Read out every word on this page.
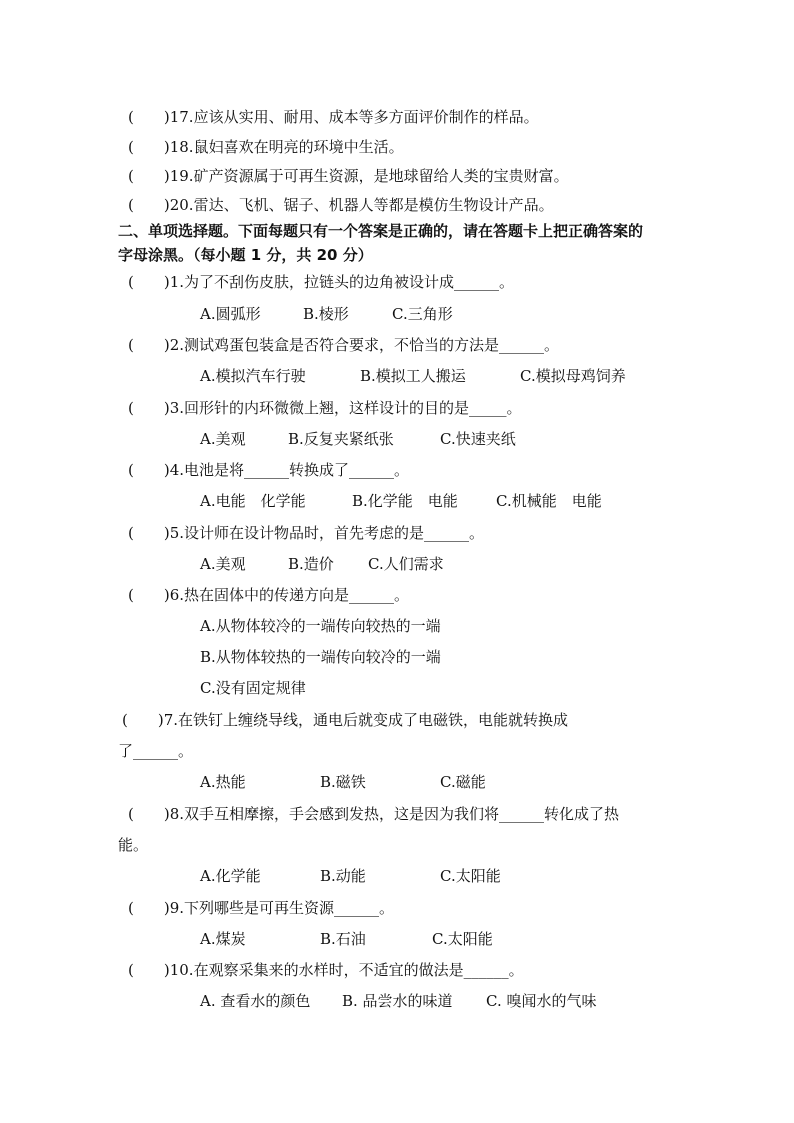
(　　)17.应该从实用、耐用、成本等多方面评价制作的样品。
(　　)18.鼠妇喜欢在明亮的环境中生活。
(　　)19.矿产资源属于可再生资源，是地球留给人类的宝贵财富。
(　　)20.雷达、飞机、锯子、机器人等都是模仿生物设计产品。
二、单项选择题。下面每题只有一个答案是正确的，请在答题卡上把正确答案的
字母涂黑。（每小题 1 分，共 20 分）
(　　)1.为了不刮伤皮肤，拉链头的边角被设计成______。
A.圆弧形	B.棱形	C.三角形
(　　)2.测试鸡蛋包装盒是否符合要求，不恰当的方法是______。
A.模拟汽车行驶	B.模拟工人搬运	C.模拟母鸡饲养
(　　)3.回形针的内环微微上翘，这样设计的目的是_____。
A.美观	B.反复夹紧纸张	C.快速夹纸
(　　)4.电池是将______转换成了______。
A.电能　化学能	B.化学能　电能	C.机械能　电能
(　　)5.设计师在设计物品时，首先考虑的是______。
A.美观	B.造价 C.人们需求
(　　)6.热在固体中的传递方向是______。
A.从物体较冷的一端传向较热的一端
B.从物体较热的一端传向较冷的一端
C.没有固定规律
(　　)7.在铁钉上缠绕导线，通电后就变成了电磁铁，电能就转换成
了______。
A.热能	B.磁铁	C.磁能
(　　)8.双手互相摩擦，手会感到发热，这是因为我们将______转化成了热
能。
A.化学能	B.动能	C.太阳能
(　　)9.下列哪些是可再生资源______。
A.煤炭	B.石油	C.太阳能
(　　)10.在观察采集来的水样时，不适宜的做法是______。
A. 查看水的颜色 B. 品尝水的味道 C. 嗅闻水的气味
